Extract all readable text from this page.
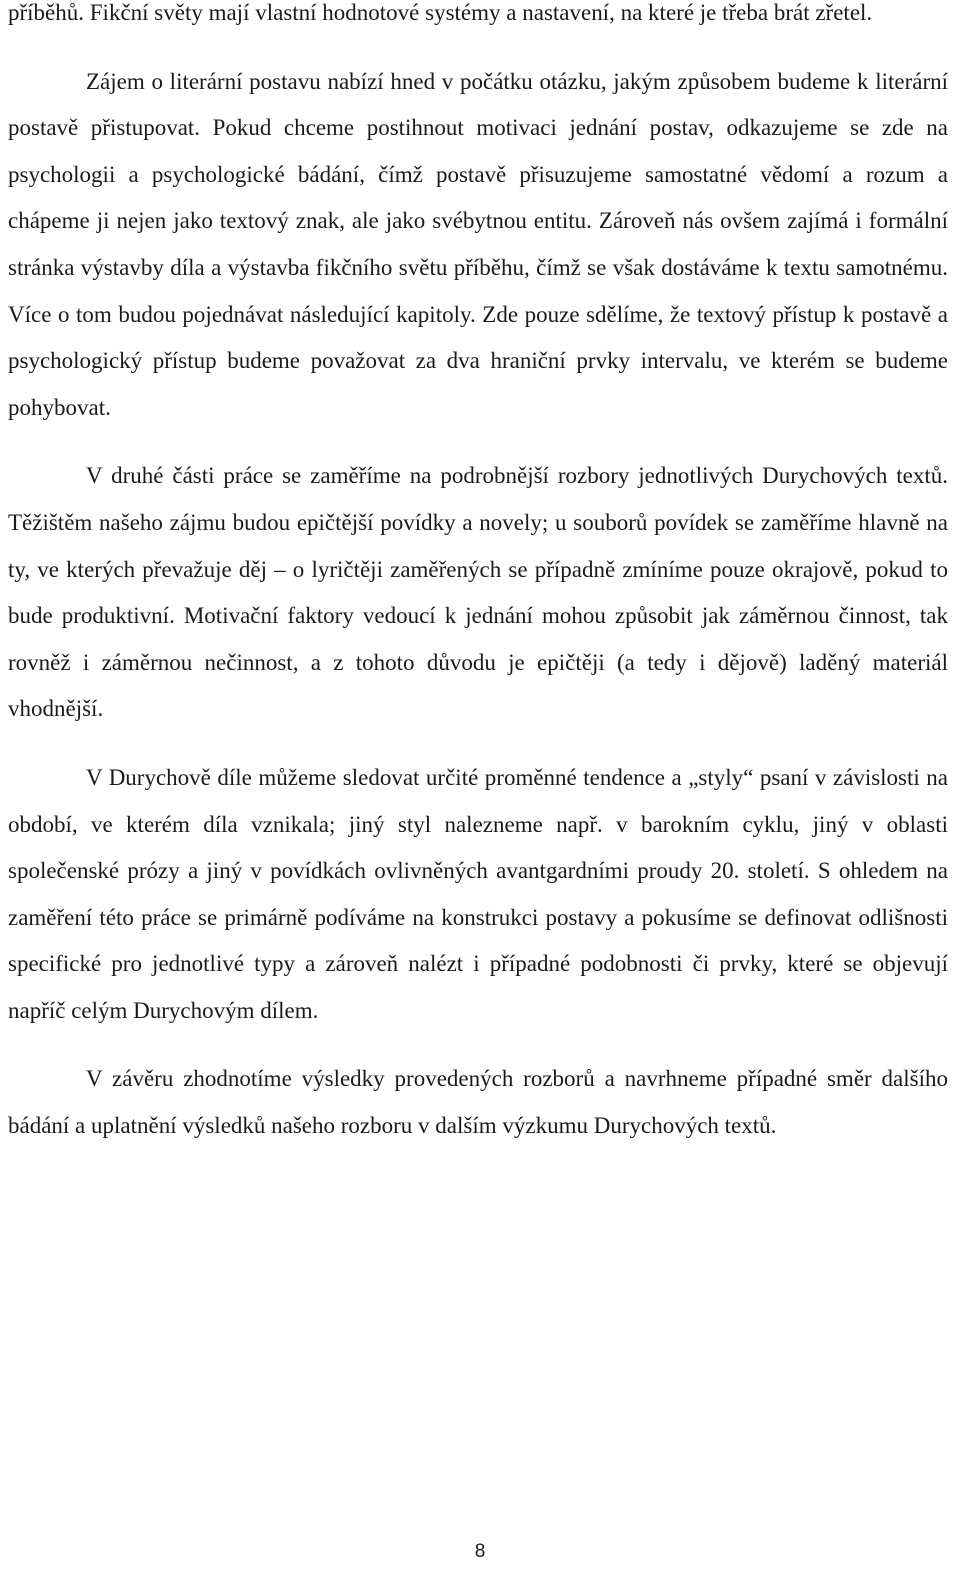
příběhů. Fikční světy mají vlastní hodnotové systémy a nastavení, na které je třeba brát zřetel.

Zájem o literární postavu nabízí hned v počátku otázku, jakým způsobem budeme k literární postavě přistupovat. Pokud chceme postihnout motivaci jednání postav, odkazujeme se zde na psychologii a psychologické bádání, čímž postavě přisuzujeme samostatné vědomí a rozum a chápeme ji nejen jako textový znak, ale jako svébytnou entitu. Zároveň nás ovšem zajímá i formální stránka výstavby díla a výstavba fikčního světu příběhu, čímž se však dostáváme k textu samotnému. Více o tom budou pojednávat následující kapitoly. Zde pouze sdělíme, že textový přístup k postavě a psychologický přístup budeme považovat za dva hraniční prvky intervalu, ve kterém se budeme pohybovat.

V druhé části práce se zaměříme na podrobnější rozbory jednotlivých Durychových textů. Těžištěm našeho zájmu budou epičtější povídky a novely; u souborů povídek se zaměříme hlavně na ty, ve kterých převažuje děj – o lyričtěji zaměřených se případně zmíníme pouze okrajově, pokud to bude produktivní. Motivační faktory vedoucí k jednání mohou způsobit jak záměrnou činnost, tak rovněž i záměrnou nečinnost, a z tohoto důvodu je epičtěji (a tedy i dějově) laděný materiál vhodnější.

V Durychově díle můžeme sledovat určité proměnné tendence a „styly“ psaní v závislosti na období, ve kterém díla vznikala; jiný styl nalezneme např. v barokním cyklu, jiný v oblasti společenské prózy a jiný v povídkách ovlivněných avantgardními proudy 20. století. S ohledem na zaměření této práce se primárně podíváme na konstrukci postavy a pokusíme se definovat odlišnosti specifické pro jednotlivé typy a zároveň nalézt i případné podobnosti či prvky, které se objevují napříč celým Durychovým dílem.

V závěru zhodnotíme výsledky provedených rozborů a navrhneme případné směr dalšího bádání a uplatnění výsledků našeho rozboru v dalším výzkumu Durychových textů.

8
